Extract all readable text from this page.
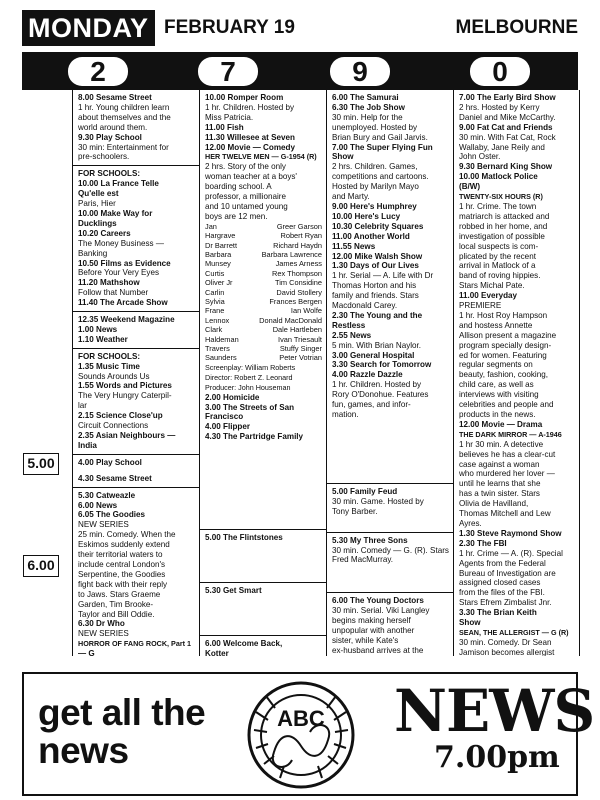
MONDAY FEBRUARY 19	MELBOURNE
2	7	9	0
5.00
6.00
8.00 Sesame Street
1 hr. Young children learn
about themselves and the
world around them.
9.30 Play School
30 min: Entertainment for
pre-schoolers.
FOR SCHOOLS:
10.00 La France Telle
Qu'elle est
Paris, Hier
10.00 Make Way for
Ducklings
10.20 Careers
The Money Business —
Banking
10.50 Films as Evidence
Before Your Very Eyes
11.20 Mathshow
Follow that Number
11.40 The Arcade Show
12.35 Weekend Magazine
1.00 News
1.10 Weather
FOR SCHOOLS:
1.35 Music Time
Sounds Arounds Us
1.55 Words and Pictures
The Very Hungry Caterpil-
lar
2.15 Science Close'up
Circuit Connections
2.35 Asian Neighbours —
India
4.00 Play School
4.30 Sesame Street
5.30 Catweazle
6.00 News
6.05 The Goodies
NEW SERIES
25 min. Comedy. When the
Eskimos suddenly extend
their territorial waters to
include central London's
Serpentine, the Goodies
fight back with their reply
to Jaws. Stars Graeme
Garden, Tim Brooke-
Taylor and Bill Oddie.
6.30 Dr Who
NEW SERIES
HORROR OF FANG ROCK, Part 1
— G
10.00 Romper Room
1 hr. Children. Hosted by
Miss Patricia.
11.00 Fish
11.30 Willesee at Seven
12.00 Movie — Comedy
HER TWELVE MEN — G-1954 (R)
2 hrs. Story of the only
woman teacher at a boys'
boarding school. A
professor, a millionaire
and 10 untamed young
boys are 12 men.
Jan	Greer Garson
Hargrave	Robert Ryan
Dr Barrett	Richard Haydn
Barbara	Barbara Lawrence
Munsey	James Arness
Curtis	Rex Thompson
Oliver Jr	Tim Considine
Carlin	David Stollery
Sylvia	Frances Bergen
Frane	Ian Wolfe
Lennox	Donald MacDonald
Clark	Dale Hartleben
Haldeman	Ivan Triesault
Travers	Stuffy Singer
Saunders	Peter Votrian
Screenplay: William Roberts
Director: Robert Z. Leonard
Producer: John Houseman
2.00 Homicide
3.00 The Streets of San
Francisco
4.00 Flipper
4.30 The Partridge Family
5.00 The Flintstones
5.30 Get Smart
6.00 Welcome Back,
Kotter
6.00 The Samurai
6.30 The Job Show
30 min. Help for the
unemployed. Hosted by
Brian Bury and Gail Jarvis.
7.00 The Super Flying Fun
Show
2 hrs. Children. Games,
competitions and cartoons.
Hosted by Marilyn Mayo
and Marty.
9.00 Here's Humphrey
10.00 Here's Lucy
10.30 Celebrity Squares
11.00 Another World
11.55 News
12.00 Mike Walsh Show
1.30 Days of Our Lives
1 hr. Serial — A. Life with Dr
Thomas Horton and his
family and friends. Stars
Macdonald Carey.
2.30 The Young and the
Restless
2.55 News
5 min. With Brian Naylor.
3.00 General Hospital
3.30 Search for Tomorrow
4.00 Razzle Dazzle
1 hr. Children. Hosted by
Rory O'Donohue. Features
fun, games, and infor-
mation.
5.00 Family Feud
30 min. Game. Hosted by
Tony Barber.
5.30 My Three Sons
30 min. Comedy — G. (R). Stars
Fred MacMurray.
6.00 The Young Doctors
30 min. Serial. Viki Langley
begins making herself
unpopular with another
sister, while Kate's
ex-husband arrives at the
7.00 The Early Bird Show
2 hrs. Hosted by Kerry
Daniel and Mike McCarthy.
9.00 Fat Cat and Friends
30 min. With Fat Cat, Rock
Wallaby, Jane Reily and
John Oster.
9.30 Bernard King Show
10.00 Matlock Police
(B/W)
TWENTY-SIX HOURS (R)
1 hr. Crime. The town
matriarch is attacked and
robbed in her home, and
investigation of possible
local suspects is com-
plicated by the recent
arrival in Matlock of a
band of roving hippies.
Stars Michal Pate.
11.00 Everyday
PREMIERE
1 hr. Host Roy Hampson
and hostess Annette
Allison present a magazine
program specially design-
ed for women. Featuring
regular segments on
beauty, fashion, cooking,
child care, as well as
interviews with visiting
celebrities and people and
products in the news.
12.00 Movie — Drama
THE DARK MIRROR — A-1946
1 hr 30 min. A detective
believes he has a clear-cut
case against a woman
who murdered her lover —
until he learns that she
has a twin sister. Stars
Olivia de Havilland,
Thomas Mitchell and Lew
Ayres.
1.30 Steve Raymond Show
2.30 The FBI
1 hr. Crime — A. (R). Special
Agents from the Federal
Bureau of Investigation are
assigned closed cases
from the files of the FBI.
Stars Efrem Zimbalist Jnr.
3.30 The Brian Keith
Show
SEAN, THE ALLERGIST — G (R)
30 min. Comedy. Dr Sean
Jamison becomes allergist
get all the
news
ABC NEWS
7.00pm
